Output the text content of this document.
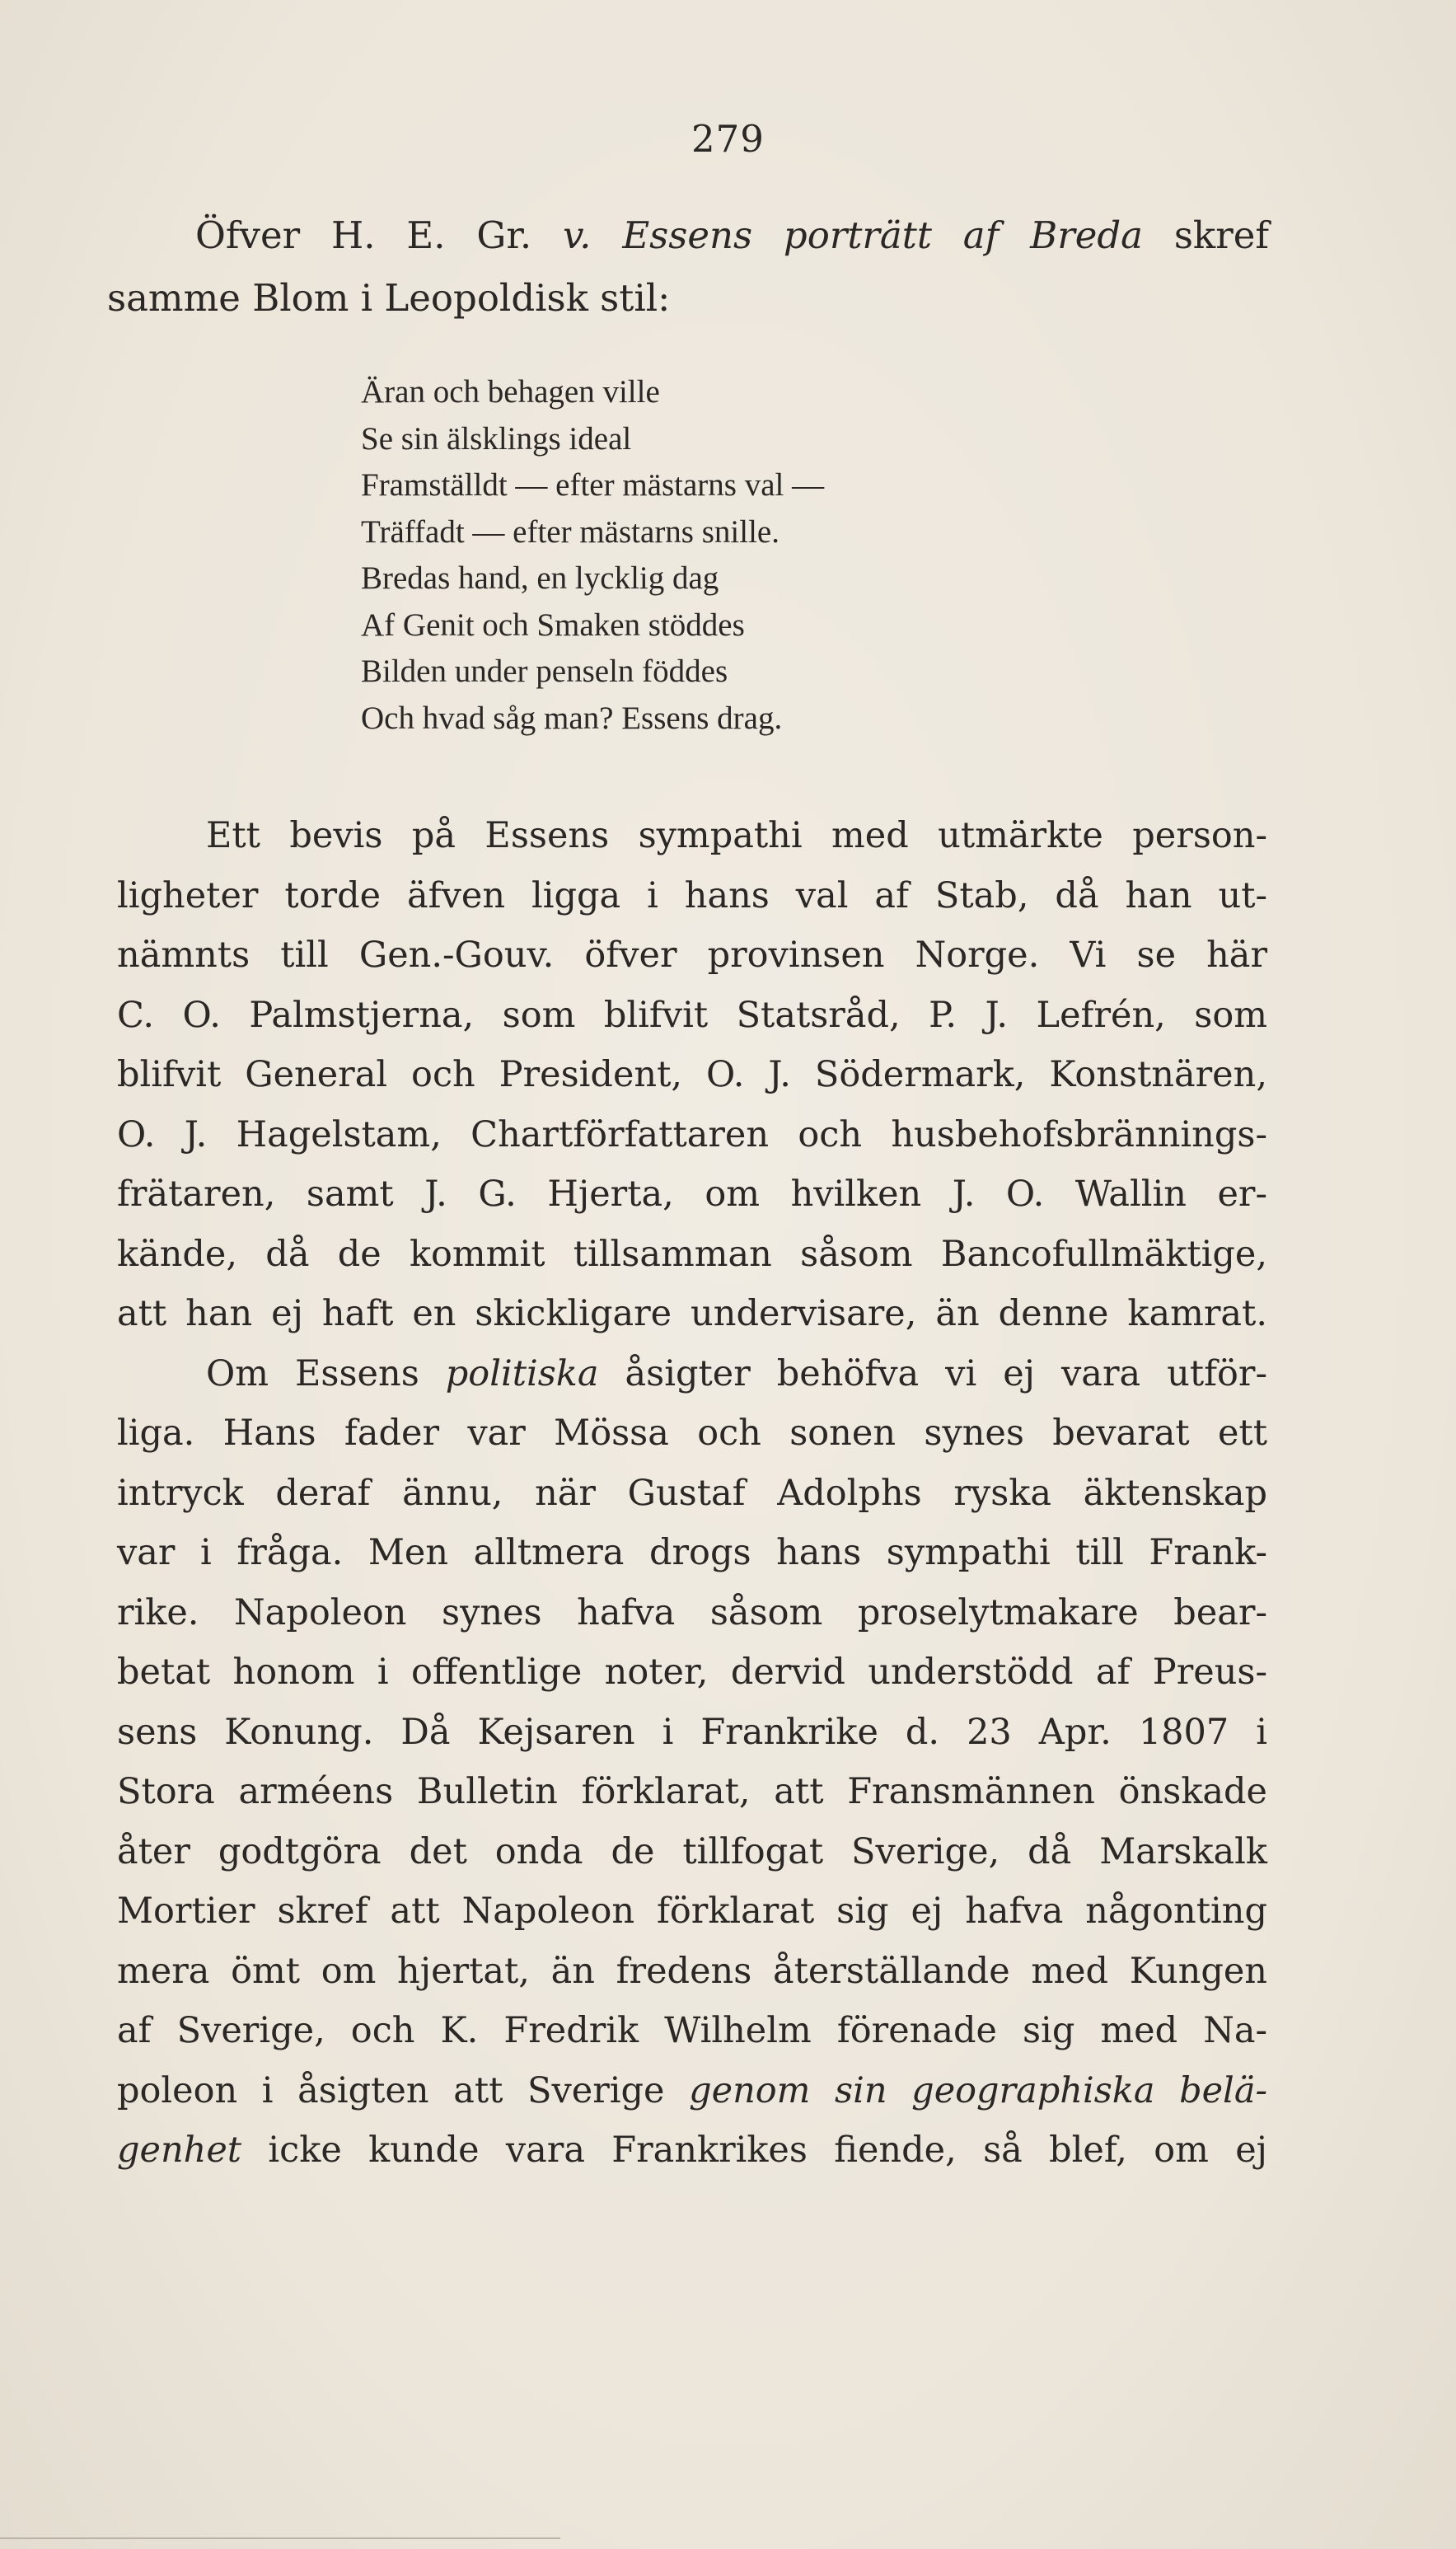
279
Öfver H. E. Gr. v. Essens porträtt af Breda skref
samme Blom i Leopoldisk stil:
Äran och behagen ville
Se sin älsklings ideal
Framställdt — efter mästarns val —
Träffadt — efter mästarns snille.
Bredas hand, en lycklig dag
Af Genit och Smaken stöddes
Bilden under penseln föddes
Och hvad såg man? Essens drag.
Ett bevis på Essens sympathi med utmärkte person-
ligheter torde äfven ligga i hans val af Stab, då han ut-
nämnts till Gen.-Gouv. öfver provinsen Norge. Vi se här
C. O. Palmstjerna, som blifvit Statsråd, P. J. Lefrén, som
blifvit General och President, O. J. Södermark, Konstnären,
O. J. Hagelstam, Chartförfattaren och husbehofsbrännings-
frätaren, samt J. G. Hjerta, om hvilken J. O. Wallin er-
kände, då de kommit tillsamman såsom Bancofullmäktige,
att han ej haft en skickligare undervisare, än denne kamrat.
Om Essens politiska åsigter behöfva vi ej vara utför-
liga. Hans fader var Mössa och sonen synes bevarat ett
intryck deraf ännu, när Gustaf Adolphs ryska äktenskap
var i fråga. Men alltmera drogs hans sympathi till Frank-
rike. Napoleon synes hafva såsom proselytmakare bear-
betat honom i offentlige noter, dervid understödd af Preus-
sens Konung. Då Kejsaren i Frankrike d. 23 Apr. 1807 i
Stora arméens Bulletin förklarat, att Fransmännen önskade
åter godtgöra det onda de tillfogat Sverige, då Marskalk
Mortier skref att Napoleon förklarat sig ej hafva någonting
mera ömt om hjertat, än fredens återställande med Kungen
af Sverige, och K. Fredrik Wilhelm förenade sig med Na-
poleon i åsigten att Sverige genom sin geographiska belä-
genhet icke kunde vara Frankrikes fiende, så blef, om ej
